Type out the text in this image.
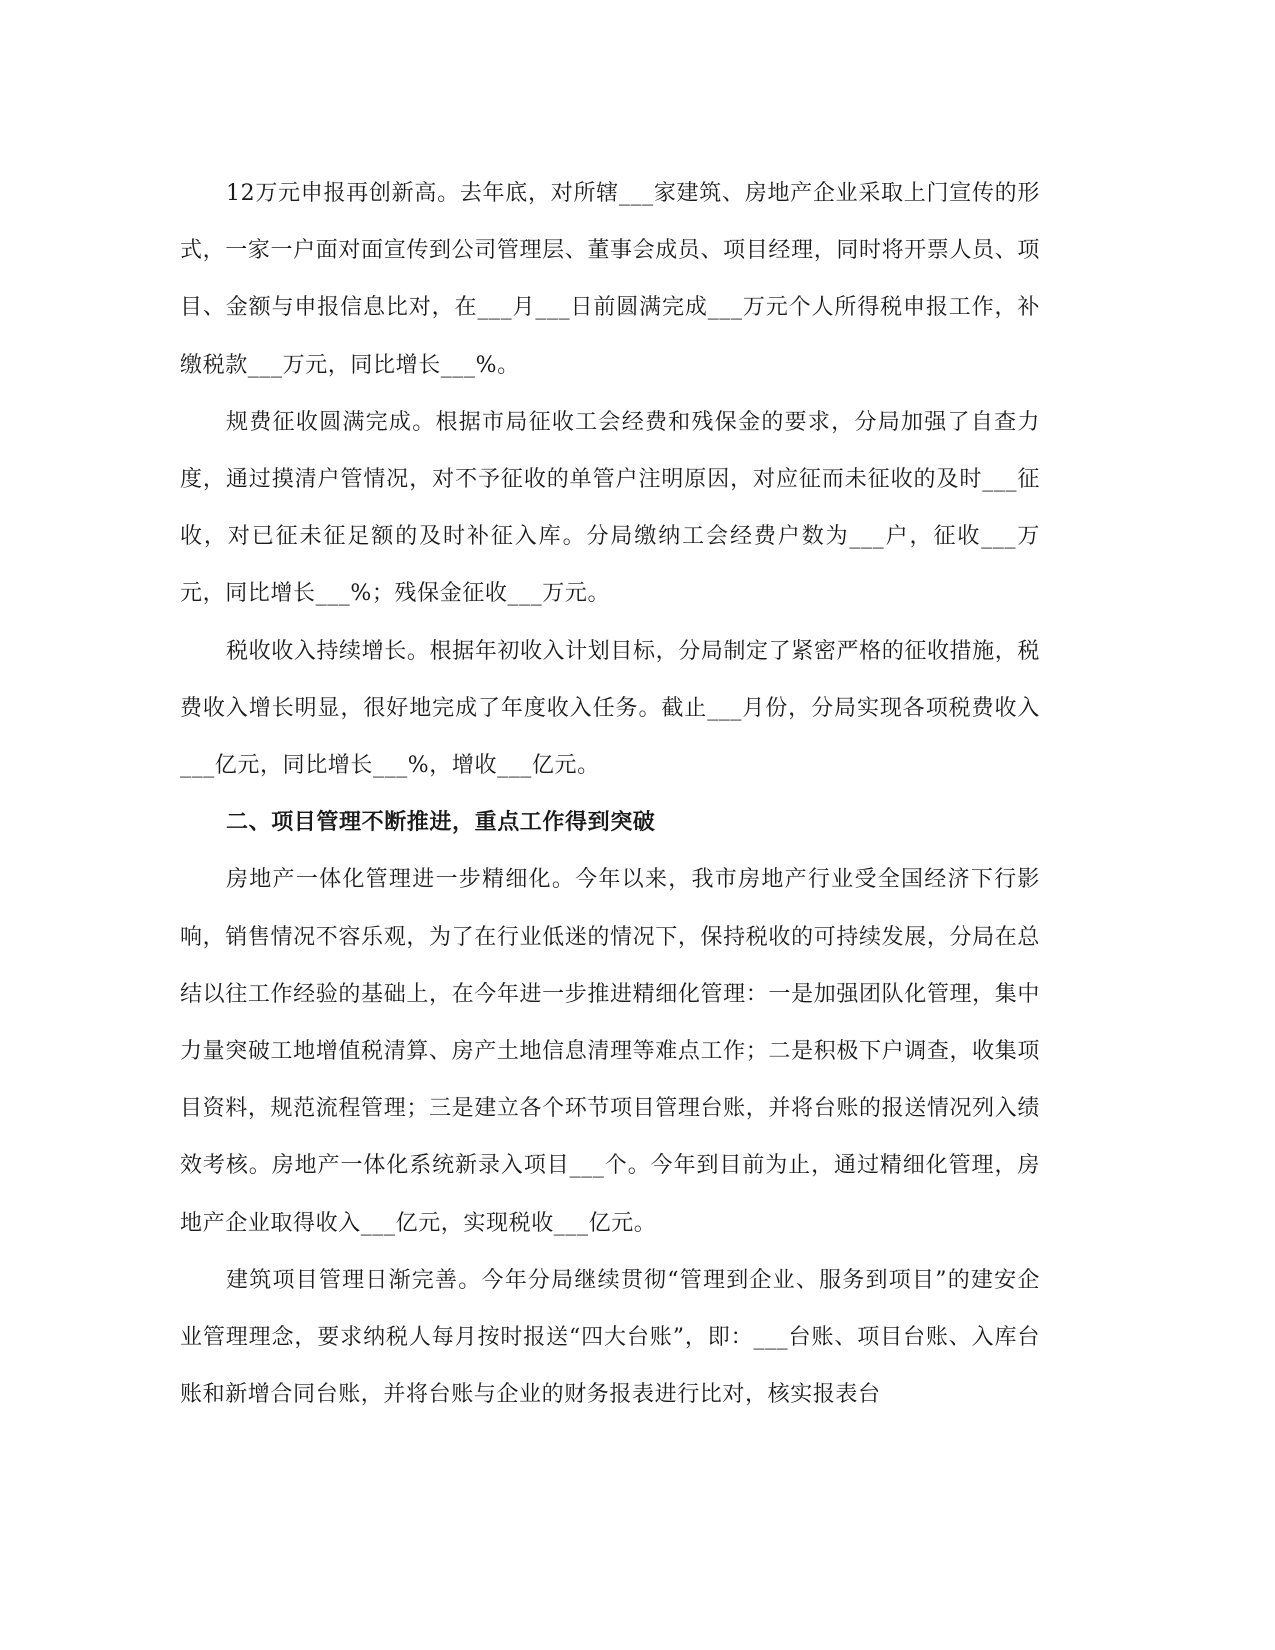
12万元申报再创新高。去年底，对所辖___家建筑、房地产企业采取上门宣传的形式，一家一户面对面宣传到公司管理层、董事会成员、项目经理，同时将开票人员、项目、金额与申报信息比对，在___月___日前圆满完成___万元个人所得税申报工作，补缴税款___万元，同比增长___%。

规费征收圆满完成。根据市局征收工会经费和残保金的要求，分局加强了自查力度，通过摸清户管情况，对不予征收的单管户注明原因，对应征而未征收的及时___征收，对已征未征足额的及时补征入库。分局缴纳工会经费户数为___户，征收___万元，同比增长___%；残保金征收___万元。

税收收入持续增长。根据年初收入计划目标，分局制定了紧密严格的征收措施，税费收入增长明显，很好地完成了年度收入任务。截止___月份，分局实现各项税费收入___亿元，同比增长___%，增收___亿元。

二、项目管理不断推进，重点工作得到突破

房地产一体化管理进一步精细化。今年以来，我市房地产行业受全国经济下行影响，销售情况不容乐观，为了在行业低迷的情况下，保持税收的可持续发展，分局在总结以往工作经验的基础上，在今年进一步推进精细化管理：一是加强团队化管理，集中力量突破工地增值税清算、房产土地信息清理等难点工作；二是积极下户调查，收集项目资料，规范流程管理；三是建立各个环节项目管理台账，并将台账的报送情况列入绩效考核。房地产一体化系统新录入项目___个。今年到目前为止，通过精细化管理，房地产企业取得收入___亿元，实现税收___亿元。

建筑项目管理日渐完善。今年分局继续贯彻“管理到企业、服务到项目”的建安企业管理理念，要求纳税人每月按时报送“四大台账”，即：___台账、项目台账、入库台账和新增合同台账，并将台账与企业的财务报表进行比对，核实报表台
